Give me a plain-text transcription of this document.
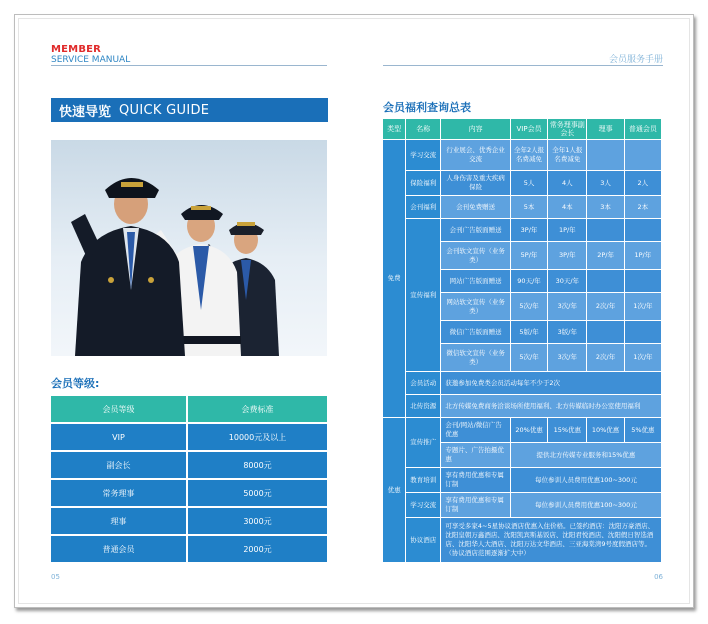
MEMBER
SERVICE MANUAL
快速导览 QUICK GUIDE
会员等级:
会员等级	会费标准
VIP	10000元及以上
副会长	8000元
常务理事	5000元
理事	3000元
普通会员	2000元
05
会员服务手册
会员福利查询总表
类型	名称	内容	VIP会员	常务理事副会长	理事	普通会员
免费	学习交流	行业展会、优秀企业交流	全年2人报名费减免	全年1人报名费减免		
	保险福利	人身伤害及重大疾病保险	5人	4人	3人	2人
	会刊福利	会刊免费赠送	5本	4本	3本	2本
	宣传福利	会刊广告版面赠送	3P/年	1P/年		
		会刊软文宣传（业务类）	5P/年	3P/年	2P/年	1P/年
		网站广告版面赠送	90天/年	30天/年		
		网站软文宣传（业务类）	5次/年	3次/年	2次/年	1次/年
		微信广告版面赠送	5版/年	3版/年		
		微信软文宣传（业务类）	5次/年	3次/年	2次/年	1次/年
	会员活动	获邀参加免费类会员活动每年不少于2次				
	北传资源	北方传媒免费商务洽谈场所使用福利、北方传媒临时办公室使用福利				
优惠	宣传推广	会刊/网站/微信广告优惠	20%优惠	15%优惠	10%优惠	5%优惠
		专题片、广告拍摄优惠	提供北方传媒专业服务和15%优惠			
	教育培训	享有费用优惠和专属订制	每位参训人员费用优惠100~300元			
	学习交流	享有费用优惠和专属订制	每位参训人员费用优惠100~300元			
	协议酒店	可享受多家4~5星协议酒店优惠入住价格。已签约酒店：沈阳万豪酒店、沈阳皇朝万鑫酒店、沈阳凯宾斯基饭店、沈阳君悦酒店、沈阳假日智选酒店、沈阳华人大酒店、沈阳万达文华酒店、三亚海棠湾9号度假酒店等。（协议酒店范围逐渐扩大中）				
06
